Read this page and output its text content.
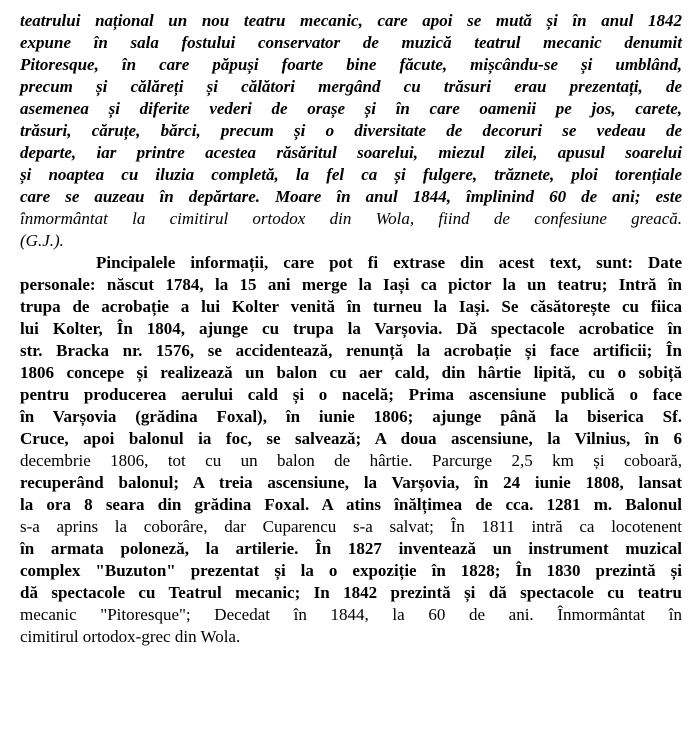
teatrului național un nou teatru mecanic, care apoi se mută și în anul 1842
expune în sala fostului conservator de muzică teatrul mecanic denumit
Pitoresque, în care păpuși foarte bine făcute, mișcându-se și umblând,
precum și călăreți și călători mergând cu trăsuri erau prezentați, de
asemenea și diferite vederi de orașe și în care oamenii pe jos, carete,
trăsuri, căruțe, bărci, precum și o diversitate de decoruri se vedeau de
departe, iar printre acestea răsăritul soarelui, miezul zilei, apusul soarelui
și noaptea cu iluzia completă, la fel ca și fulgere, trăznete, ploi torențiale
care se auzeau în depărtare. Moare în anul 1844, împlinind 60 de ani; este
înmormântat la cimitirul ortodox din Wola, fiind de confesiune greacă.
(G.J.).

Pincipalele informații, care pot fi extrase din acest text, sunt: Date
personale: născut 1784, la 15 ani merge la Iași ca pictor la un teatru; Intră în
trupa de acrobație a lui Kolter venită în turneu la Iași. Se căsătorește cu fiica
lui Kolter, În 1804, ajunge cu trupa la Varșovia. Dă spectacole acrobatice în
str. Bracka nr. 1576, se accidentează, renunță la acrobație și face artificii; În
1806 concepe și realizează un balon cu aer cald, din hârtie lipită, cu o sobiță
pentru producerea aerului cald și o nacelă; Prima ascensiune publică o face
în Varșovia (grădina Foxal), în iunie 1806; ajunge până la biserica Sf.
Cruce, apoi balonul ia foc, se salvează; A doua ascensiune, la Vilnius, în 6
decembrie 1806, tot cu un balon de hârtie. Parcurge 2,5 km și coboară,
recuperând balonul; A treia ascensiune, la Varșovia, în 24 iunie 1808, lansat
la ora 8 seara din grădina Foxal. A atins înălțimea de cca. 1281 m. Balonul
s-a aprins la coborâre, dar Cuparencu s-a salvat; În 1811 intră ca locotenent
în armata poloneză, la artilerie. În 1827 inventează un instrument muzical
complex "Buzuton" prezentat și la o expoziție în 1828; În 1830 prezintă și
dă spectacole cu Teatrul mecanic; In 1842 prezintă și dă spectacole cu teatru
mecanic "Pitoresque"; Decedat în 1844, la 60 de ani. Înmormântat în
cimitirul ortodox-grec din Wola.
